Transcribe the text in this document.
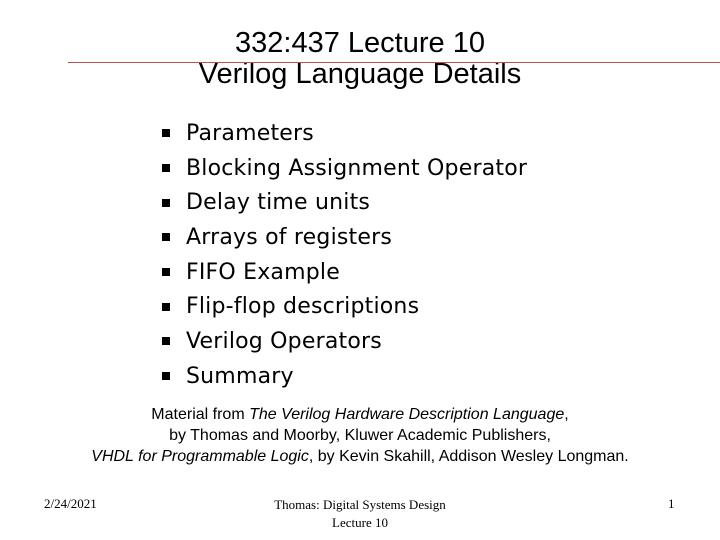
332:437 Lecture 10
Verilog Language Details
Parameters
Blocking Assignment Operator
Delay time units
Arrays of registers
FIFO Example
Flip-flop descriptions
Verilog Operators
Summary
Material from The Verilog Hardware Description Language,
by Thomas and Moorby, Kluwer Academic Publishers,
VHDL for Programmable Logic, by Kevin Skahill, Addison Wesley Longman.
2/24/2021	Thomas: Digital Systems Design
Lecture 10
1
